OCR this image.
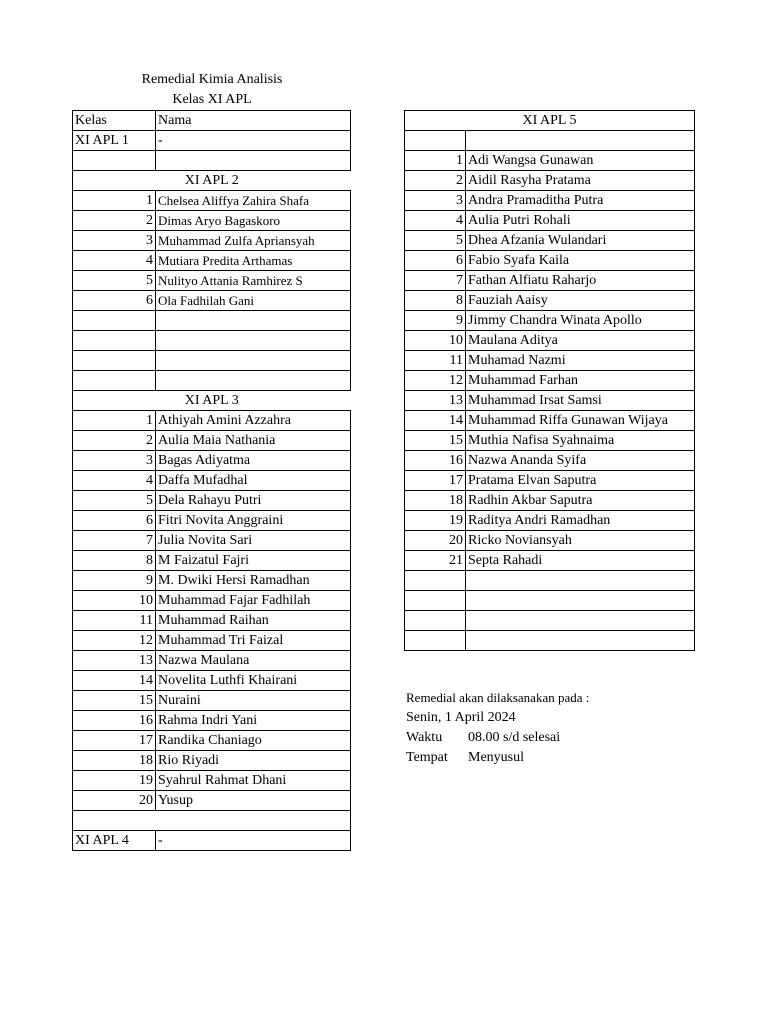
Remedial Kimia Analisis
Kelas XI APL
Kelas	Nama
XI APL 1	-

XI APL 2	
1	Chelsea Aliffya Zahira Shafa
2	Dimas Aryo Bagaskoro
3	Muhammad Zulfa Apriansyah
4	Mutiara Predita Arthamas
5	Nulityo Attania Ramhirez S
6	Ola Fadhilah Gani

XI APL 3	
1	Athiyah Amini Azzahra
2	Aulia Maia Nathania
3	Bagas Adiyatma
4	Daffa Mufadhal
5	Dela Rahayu Putri
6	Fitri Novita Anggraini
7	Julia Novita Sari
8	M Faizatul Fajri
9	M. Dwiki Hersi Ramadhan
10	Muhammad Fajar Fadhilah
11	Muhammad Raihan
12	Muhammad Tri Faizal
13	Nazwa Maulana
14	Novelita Luthfi Khairani
15	Nuraini
16	Rahma Indri Yani
17	Randika Chaniago
18	Rio Riyadi
19	Syahrul Rahmat Dhani
20	Yusup

XI APL 4	-
XI APL 5	

1	Adi Wangsa Gunawan
2	Aidil Rasyha Pratama
3	Andra Pramaditha Putra
4	Aulia Putri Rohali
5	Dhea Afzania Wulandari
6	Fabio Syafa Kaila
7	Fathan Alfiatu Raharjo
8	Fauziah Aaisy
9	Jimmy Chandra Winata Apollo
10	Maulana Aditya
11	Muhamad Nazmi
12	Muhammad Farhan
13	Muhammad Irsat Samsi
14	Muhammad Riffa Gunawan Wijaya
15	Muthia Nafisa Syahnaima
16	Nazwa Ananda Syifa
17	Pratama Elvan Saputra
18	Radhin Akbar Saputra
19	Raditya Andri Ramadhan
20	Ricko Noviansyah
21	Septa Rahadi

Remedial akan dilaksanakan pada :
Senin, 1 April 2024
Waktu 08.00 s/d selesai
Tempat Menyusul
